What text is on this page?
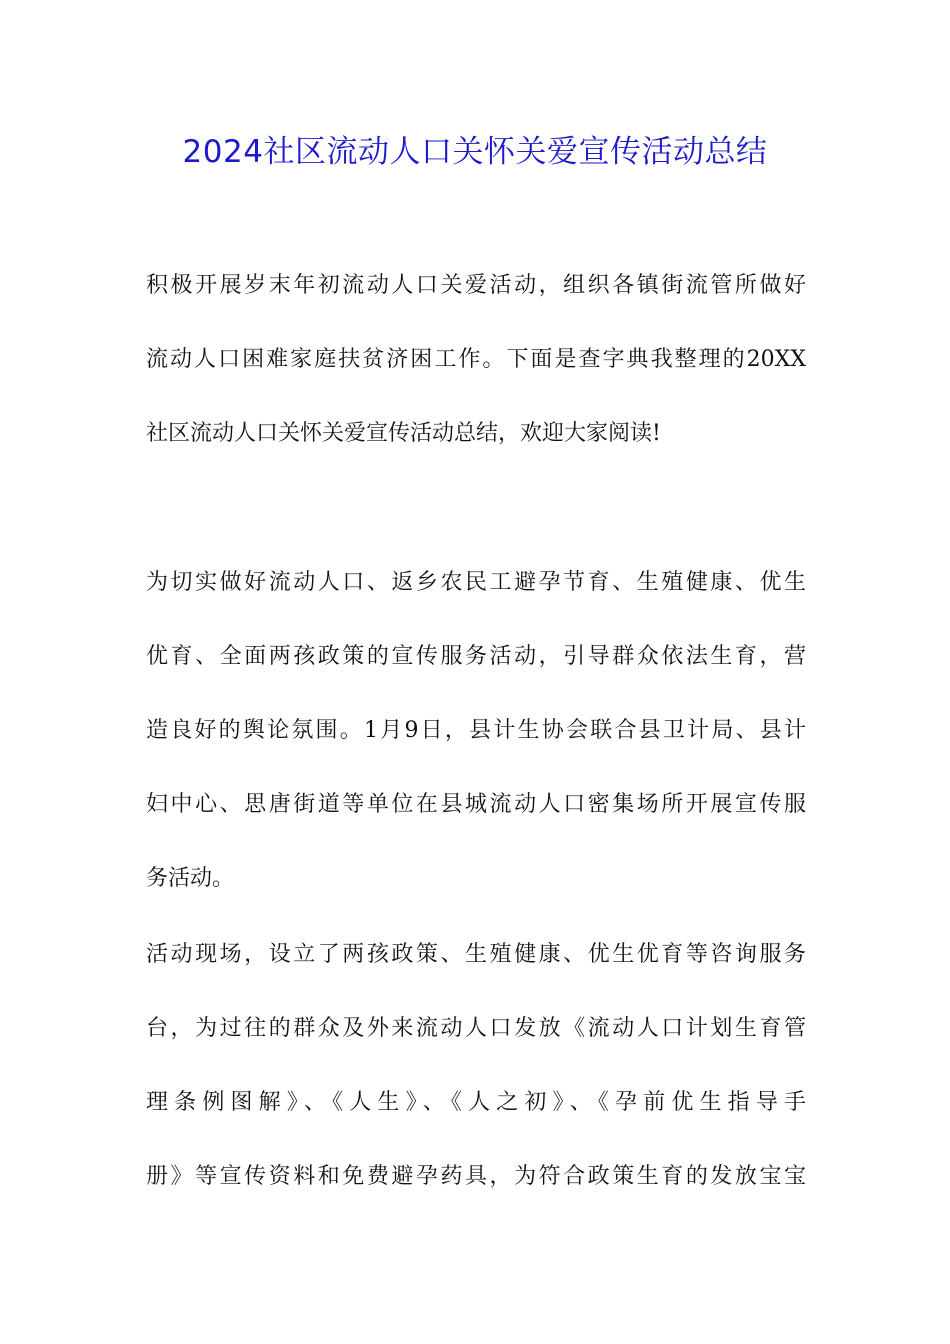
2024社区流动人口关怀关爱宣传活动总结
积极开展岁末年初流动人口关爱活动，组织各镇街流管所做好
流动人口困难家庭扶贫济困工作。下面是查字典我整理的20XX
社区流动人口关怀关爱宣传活动总结，欢迎大家阅读!
为切实做好流动人口、返乡农民工避孕节育、生殖健康、优生
优育、全面两孩政策的宣传服务活动，引导群众依法生育，营
造良好的舆论氛围。1月9日，县计生协会联合县卫计局、县计
妇中心、思唐街道等单位在县城流动人口密集场所开展宣传服
务活动。
活动现场，设立了两孩政策、生殖健康、优生优育等咨询服务
台，为过往的群众及外来流动人口发放《流动人口计划生育管
理条例图解》、《人生》、《人之初》、《孕前优生指导手
册》等宣传资料和免费避孕药具，为符合政策生育的发放宝宝
